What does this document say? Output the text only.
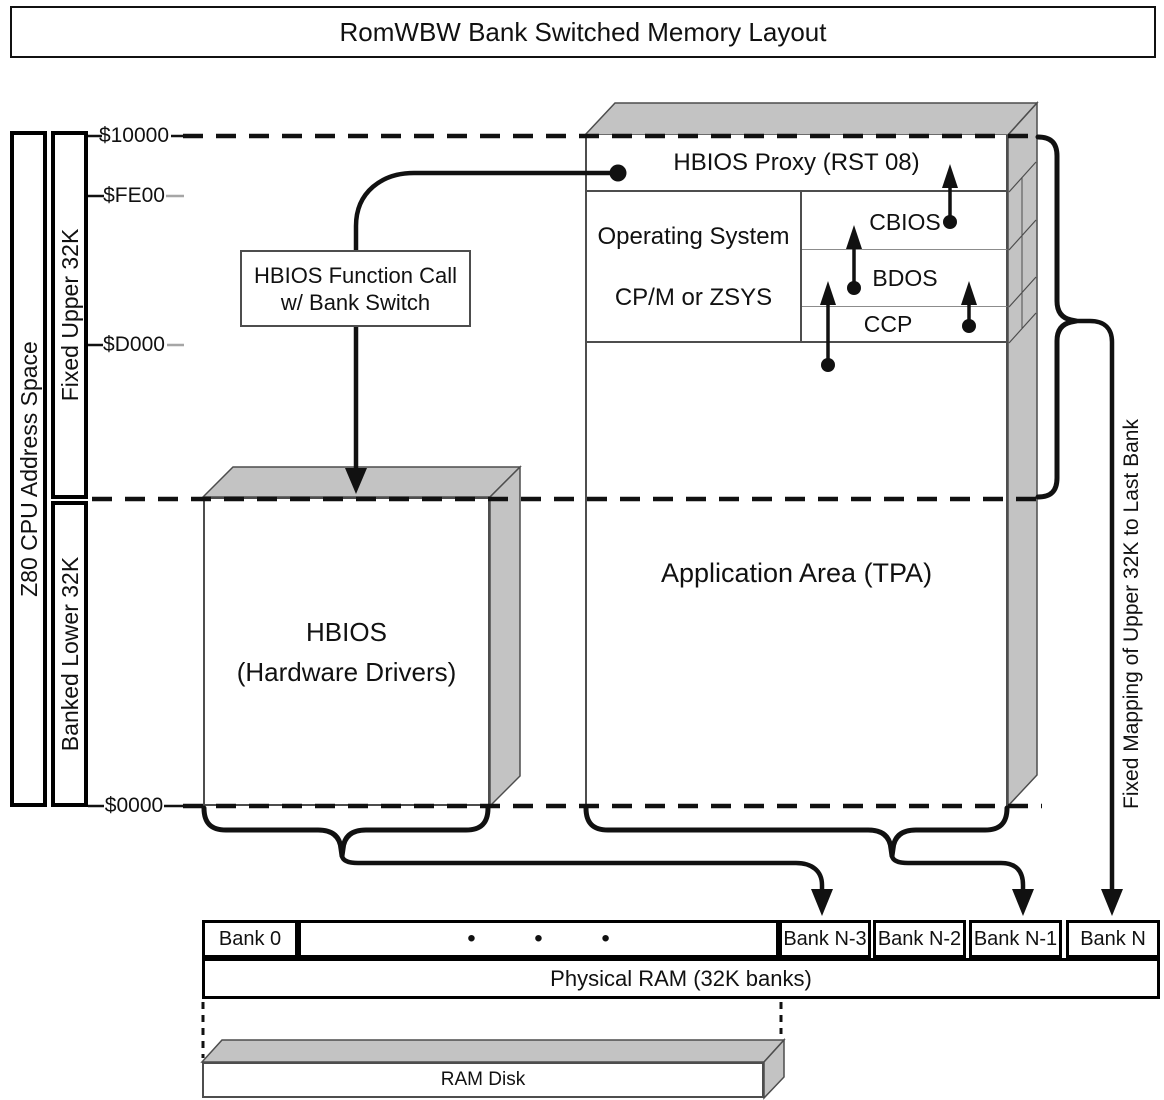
RomWBW Bank Switched Memory Layout
HBIOS Function Call
w/ Bank Switch
Bank 0	• • •	Bank N-3 Bank N-2 Bank N-1 Bank N
Physical RAM (32K banks)
RAM Disk
Z80 CPU Address Space
Fixed Upper 32K
Banked Lower 32K
$10000
$FE00
$D000
$0000
HBIOS Proxy (RST 08)
Operating System
CP/M or ZSYS
CBIOS
BDOS
CCP
Application Area (TPA)
HBIOS
(Hardware Drivers)	Fixed Mapping of Upper 32K to Last Bank
